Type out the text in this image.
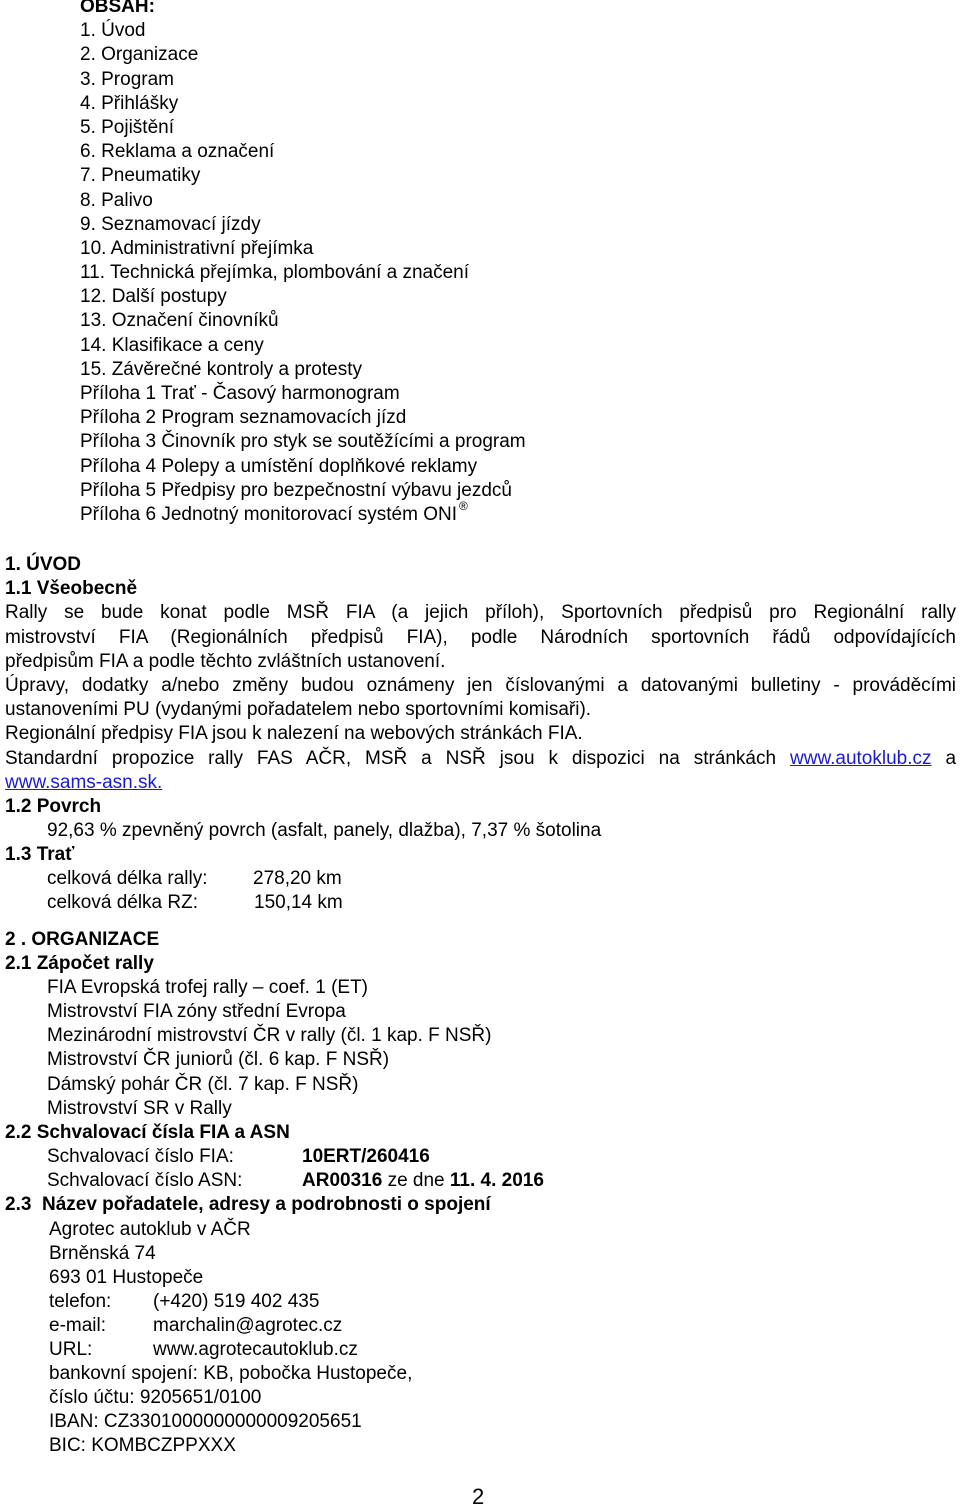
OBSAH:
1. Úvod
2. Organizace
3. Program
4. Přihlášky
5. Pojištění
6. Reklama a označení
7. Pneumatiky
8. Palivo
9. Seznamovací jízdy
10. Administrativní přejímka
11. Technická přejímka, plombování a značení
12. Další postupy
13. Označení činovníků
14. Klasifikace a ceny
15. Závěrečné kontroly a protesty
Příloha 1 Trať - Časový harmonogram
Příloha 2 Program seznamovacích jízd
Příloha 3 Činovník pro styk se soutěžícími a program
Příloha 4 Polepy a umístění doplňkové reklamy
Příloha 5 Předpisy pro bezpečnostní výbavu jezdců
Příloha 6 Jednotný monitorovací systém ONI ®
1. ÚVOD
1.1 Všeobecně
Rally se bude konat podle MSŘ FIA (a jejich příloh), Sportovních předpisů pro Regionální rally
mistrovství FIA (Regionálních předpisů FIA), podle Národních sportovních řádů odpovídajících
předpisům FIA a podle těchto zvláštních ustanovení.
Úpravy, dodatky a/nebo změny budou oznámeny jen číslovanými a datovanými bulletiny - prováděcími
ustanoveními PU (vydanými pořadatelem nebo sportovními komisaři).
Regionální předpisy FIA jsou k nalezení na webových stránkách FIA.
Standardní propozice rally FAS AČR, MSŘ a NSŘ jsou k dispozici na stránkách www.autoklub.cz a
www.sams-asn.sk.
1.2 Povrch
92,63 % zpevněný povrch (asfalt, panely, dlažba), 7,37 % šotolina
1.3 Trať
celková délka rally: 278,20 km
celková délka RZ:	150,14 km
2 . ORGANIZACE
2.1 Zápočet rally
FIA Evropská trofej rally – coef. 1 (ET)
Mistrovství FIA zóny střední Evropa
Mezinárodní mistrovství ČR v rally (čl. 1 kap. F NSŘ)
Mistrovství ČR juniorů (čl. 6 kap. F NSŘ)
Dámský pohár ČR (čl. 7 kap. F NSŘ)
Mistrovství SR v Rally
2.2 Schvalovací čísla FIA a ASN
Schvalovací číslo FIA:	10ERT/260416
Schvalovací číslo ASN:	AR00316 ze dne 11. 4. 2016
2.3  Název pořadatele, adresy a podrobnosti o spojení
Agrotec autoklub v AČR
Brněnská 74
693 01 Hustopeče
telefon: (+420) 519 402 435
e-mail: marchalin@agrotec.cz
URL:	www.agrotecautoklub.cz
bankovní spojení: KB, pobočka Hustopeče,
číslo účtu: 9205651/0100
IBAN: CZ3301000000000009205651
BIC: KOMBCZPPXXX
2
